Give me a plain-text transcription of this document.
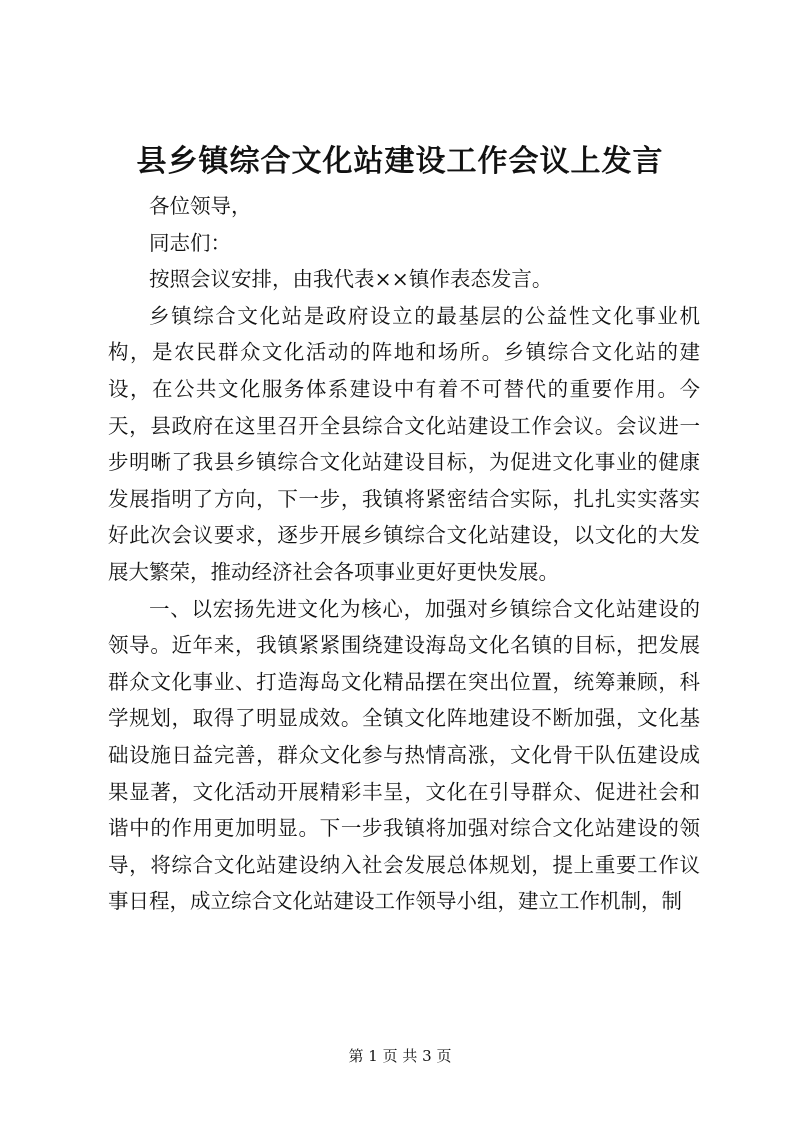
县乡镇综合文化站建设工作会议上发言

各位领导，

同志们：

按照会议安排，由我代表××镇作表态发言。

乡镇综合文化站是政府设立的最基层的公益性文化事业机构，是农民群众文化活动的阵地和场所。乡镇综合文化站的建设，在公共文化服务体系建设中有着不可替代的重要作用。今天，县政府在这里召开全县综合文化站建设工作会议。会议进一步明晰了我县乡镇综合文化站建设目标，为促进文化事业的健康发展指明了方向，下一步，我镇将紧密结合实际，扎扎实实落实好此次会议要求，逐步开展乡镇综合文化站建设，以文化的大发展大繁荣，推动经济社会各项事业更好更快发展。

一、以宏扬先进文化为核心，加强对乡镇综合文化站建设的领导。近年来，我镇紧紧围绕建设海岛文化名镇的目标，把发展群众文化事业、打造海岛文化精品摆在突出位置，统筹兼顾，科学规划，取得了明显成效。全镇文化阵地建设不断加强，文化基础设施日益完善，群众文化参与热情高涨，文化骨干队伍建设成果显著，文化活动开展精彩丰呈，文化在引导群众、促进社会和谐中的作用更加明显。下一步我镇将加强对综合文化站建设的领导，将综合文化站建设纳入社会发展总体规划，提上重要工作议事日程，成立综合文化站建设工作领导小组，建立工作机制，制

第 1 页 共 3 页
